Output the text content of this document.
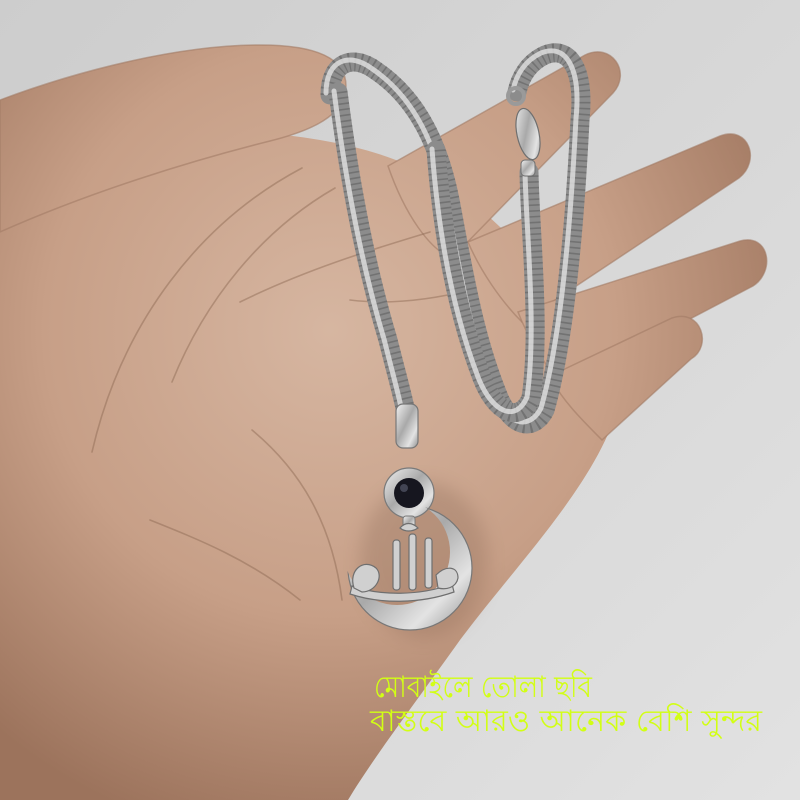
মোবাইলে তোলা ছবি
বাস্তবে আরও আনেক বেশি সুন্দর
